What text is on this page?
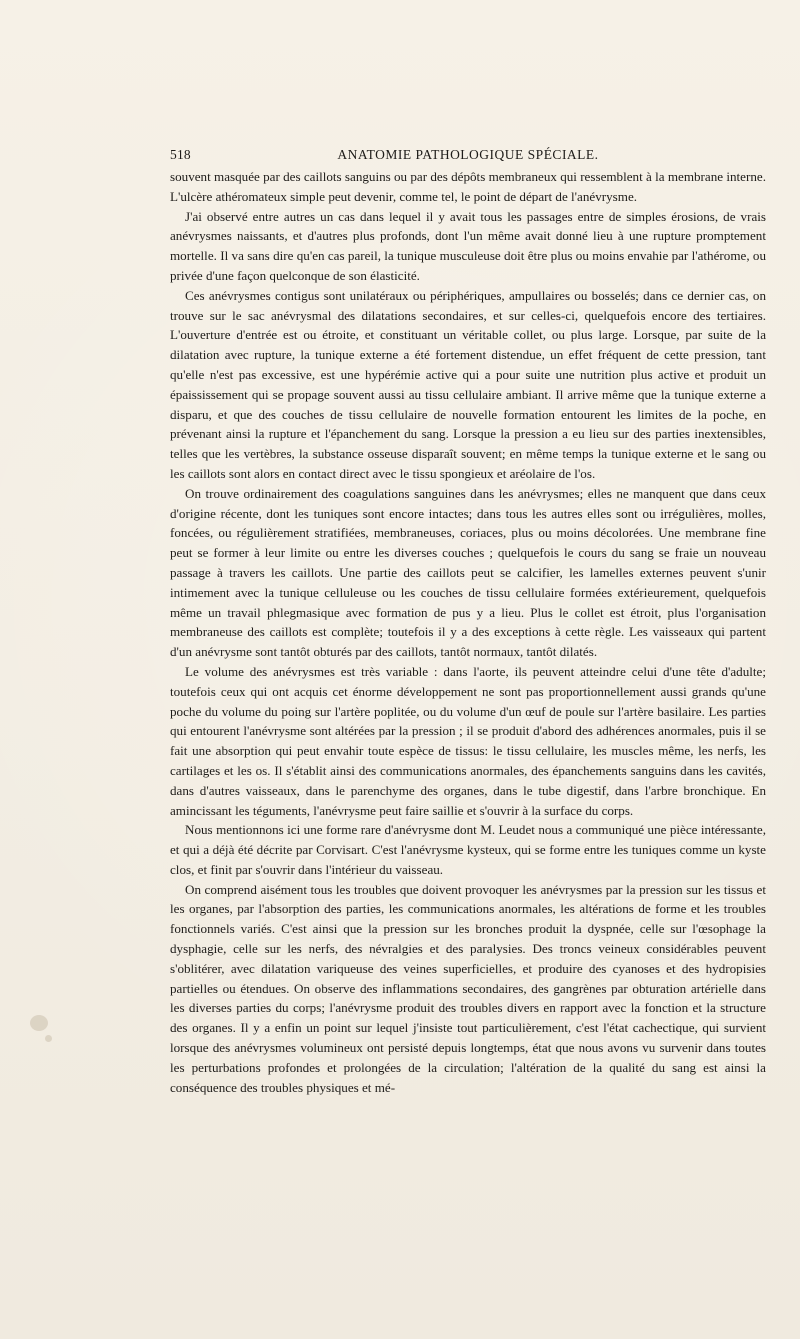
518	ANATOMIE PATHOLOGIQUE SPÉCIALE.

souvent masquée par des caillots sanguins ou par des dépôts membraneux qui ressemblent à la membrane interne. L'ulcère athéromateux simple peut devenir, comme tel, le point de départ de l'anévrysme.

J'ai observé entre autres un cas dans lequel il y avait tous les passages entre de simples érosions, de vrais anévrysmes naissants, et d'autres plus profonds, dont l'un même avait donné lieu à une rupture promptement mortelle. Il va sans dire qu'en cas pareil, la tunique musculeuse doit être plus ou moins envahie par l'athérome, ou privée d'une façon quelconque de son élasticité.

Ces anévrysmes contigus sont unilatéraux ou périphériques, ampullaires ou bosselés; dans ce dernier cas, on trouve sur le sac anévrysmal des dilatations secondaires, et sur celles-ci, quelquefois encore des tertiaires. L'ouverture d'entrée est ou étroite, et constituant un véritable collet, ou plus large. Lorsque, par suite de la dilatation avec rupture, la tunique externe a été fortement distendue, un effet fréquent de cette pression, tant qu'elle n'est pas excessive, est une hypérémie active qui a pour suite une nutrition plus active et produit un épaississement qui se propage souvent aussi au tissu cellulaire ambiant. Il arrive même que la tunique externe a disparu, et que des couches de tissu cellulaire de nouvelle formation entourent les limites de la poche, en prévenant ainsi la rupture et l'épanchement du sang. Lorsque la pression a eu lieu sur des parties inextensibles, telles que les vertèbres, la substance osseuse disparaît souvent; en même temps la tunique externe et le sang ou les caillots sont alors en contact direct avec le tissu spongieux et aréolaire de l'os.

On trouve ordinairement des coagulations sanguines dans les anévrysmes; elles ne manquent que dans ceux d'origine récente, dont les tuniques sont encore intactes; dans tous les autres elles sont ou irrégulières, molles, foncées, ou régulièrement stratifiées, membraneuses, coriaces, plus ou moins décolorées. Une membrane fine peut se former à leur limite ou entre les diverses couches ; quelquefois le cours du sang se fraie un nouveau passage à travers les caillots. Une partie des caillots peut se calcifier, les lamelles externes peuvent s'unir intimement avec la tunique celluleuse ou les couches de tissu cellulaire formées extérieurement, quelquefois même un travail phlegmasique avec formation de pus y a lieu. Plus le collet est étroit, plus l'organisation membraneuse des caillots est complète; toutefois il y a des exceptions à cette règle. Les vaisseaux qui partent d'un anévrysme sont tantôt obturés par des caillots, tantôt normaux, tantôt dilatés.

Le volume des anévrysmes est très variable : dans l'aorte, ils peuvent atteindre celui d'une tête d'adulte; toutefois ceux qui ont acquis cet énorme développement ne sont pas proportionnellement aussi grands qu'une poche du volume du poing sur l'artère poplitée, ou du volume d'un œuf de poule sur l'artère basilaire. Les parties qui entourent l'anévrysme sont altérées par la pression ; il se produit d'abord des adhérences anormales, puis il se fait une absorption qui peut envahir toute espèce de tissus: le tissu cellulaire, les muscles même, les nerfs, les cartilages et les os. Il s'établit ainsi des communications anormales, des épanchements sanguins dans les cavités, dans d'autres vaisseaux, dans le parenchyme des organes, dans le tube digestif, dans l'arbre bronchique. En amincissant les téguments, l'anévrysme peut faire saillie et s'ouvrir à la surface du corps.

Nous mentionnons ici une forme rare d'anévrysme dont M. Leudet nous a communiqué une pièce intéressante, et qui a déjà été décrite par Corvisart. C'est l'anévrysme kysteux, qui se forme entre les tuniques comme un kyste clos, et finit par s'ouvrir dans l'intérieur du vaisseau.

On comprend aisément tous les troubles que doivent provoquer les anévrysmes par la pression sur les tissus et les organes, par l'absorption des parties, les communications anormales, les altérations de forme et les troubles fonctionnels variés. C'est ainsi que la pression sur les bronches produit la dyspnée, celle sur l'œsophage la dysphagie, celle sur les nerfs, des névralgies et des paralysies. Des troncs veineux considérables peuvent s'oblitérer, avec dilatation variqueuse des veines superficielles, et produire des cyanoses et des hydropisies partielles ou étendues. On observe des inflammations secondaires, des gangrènes par obturation artérielle dans les diverses parties du corps; l'anévrysme produit des troubles divers en rapport avec la fonction et la structure des organes. Il y a enfin un point sur lequel j'insiste tout particulièrement, c'est l'état cachectique, qui survient lorsque des anévrysmes volumineux ont persisté depuis longtemps, état que nous avons vu survenir dans toutes les perturbations profondes et prolongées de la circulation; l'altération de la qualité du sang est ainsi la conséquence des troubles physiques et mé-
